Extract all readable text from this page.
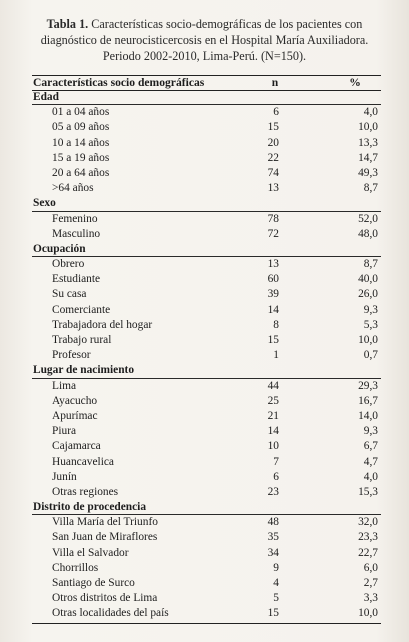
Tabla 1. Características socio-demográficas de los pacientes con diagnóstico de neurocisticercosis en el Hospital María Auxiliadora. Periodo 2002-2010, Lima-Perú. (N=150).
Características socio demográficas	n	%
Edad
01 a 04 años	6	4,0
05 a 09 años	15	10,0
10 a 14 años	20	13,3
15 a 19 años	22	14,7
20 a 64 años	74	49,3
>64 años	13	8,7
Sexo
Femenino	78	52,0
Masculino	72	48,0
Ocupación
Obrero	13	8,7
Estudiante	60	40,0
Su casa	39	26,0
Comerciante	14	9,3
Trabajadora del hogar	8	5,3
Trabajo rural	15	10,0
Profesor	1	0,7
Lugar de nacimiento
Lima	44	29,3
Ayacucho	25	16,7
Apurímac	21	14,0
Piura	14	9,3
Cajamarca	10	6,7
Huancavelica	7	4,7
Junín	6	4,0
Otras regiones	23	15,3
Distrito de procedencia
Villa María del Triunfo	48	32,0
San Juan de Miraflores	35	23,3
Villa el Salvador	34	22,7
Chorrillos	9	6,0
Santiago de Surco	4	2,7
Otros distritos de Lima	5	3,3
Otras localidades del país	15	10,0
